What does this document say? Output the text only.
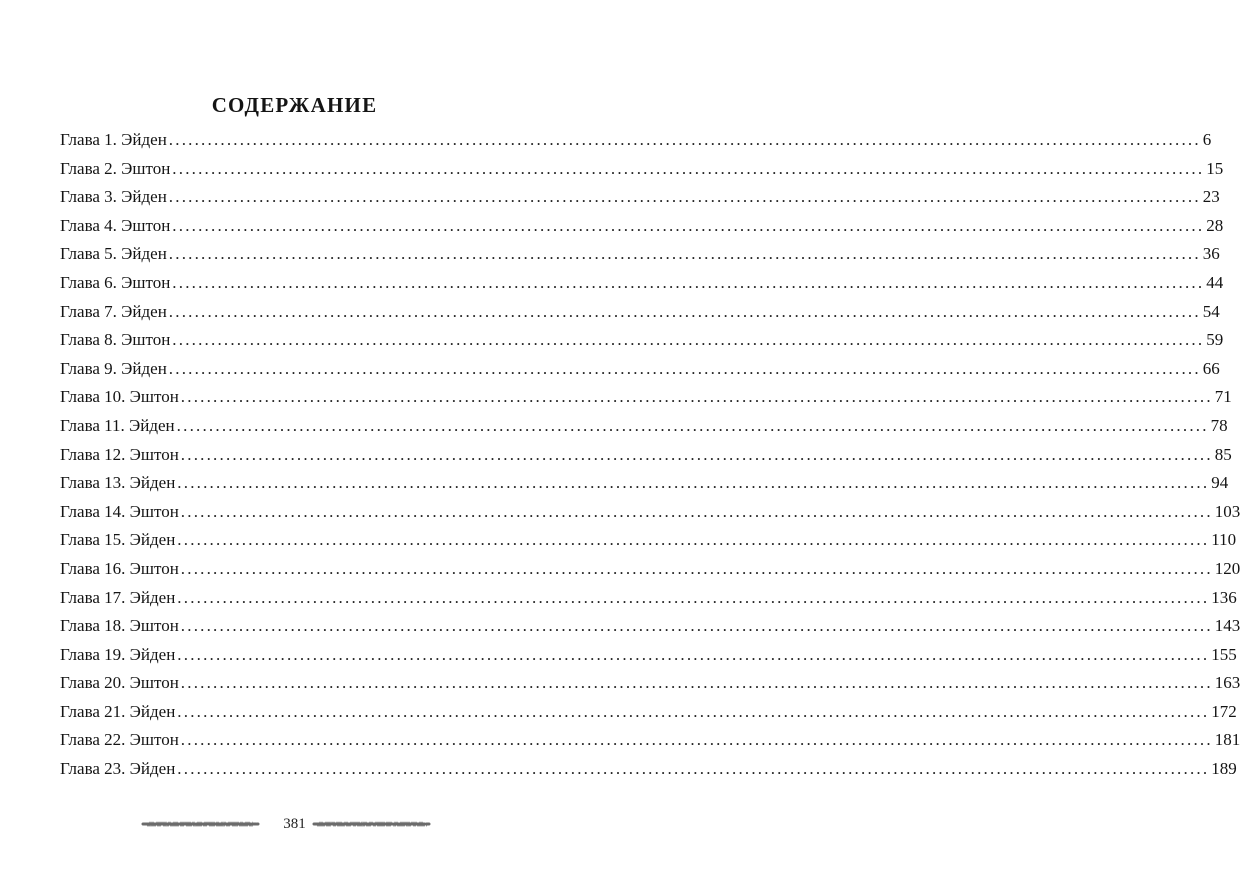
СОДЕРЖАНИЕ
Глава 1. Эйден ................................................................................................................................................................ 6
Глава 2. Эштон ................................................................................................................................................................ 15
Глава 3. Эйден ................................................................................................................................................................ 23
Глава 4. Эштон ................................................................................................................................................................ 28
Глава 5. Эйден ................................................................................................................................................................ 36
Глава 6. Эштон ................................................................................................................................................................ 44
Глава 7. Эйден ................................................................................................................................................................ 54
Глава 8. Эштон ................................................................................................................................................................ 59
Глава 9. Эйден ................................................................................................................................................................ 66
Глава 10. Эштон ................................................................................................................................................................ 71
Глава 11. Эйден ................................................................................................................................................................ 78
Глава 12. Эштон ................................................................................................................................................................ 85
Глава 13. Эйден ................................................................................................................................................................ 94
Глава 14. Эштон ................................................................................................................................................................ 103
Глава 15. Эйден ................................................................................................................................................................ 110
Глава 16. Эштон ................................................................................................................................................................ 120
Глава 17. Эйден ................................................................................................................................................................ 136
Глава 18. Эштон ................................................................................................................................................................ 143
Глава 19. Эйден ................................................................................................................................................................ 155
Глава 20. Эштон ................................................................................................................................................................ 163
Глава 21. Эйден ................................................................................................................................................................ 172
Глава 22. Эштон ................................................................................................................................................................ 181
Глава 23. Эйден ................................................................................................................................................................ 189
381
